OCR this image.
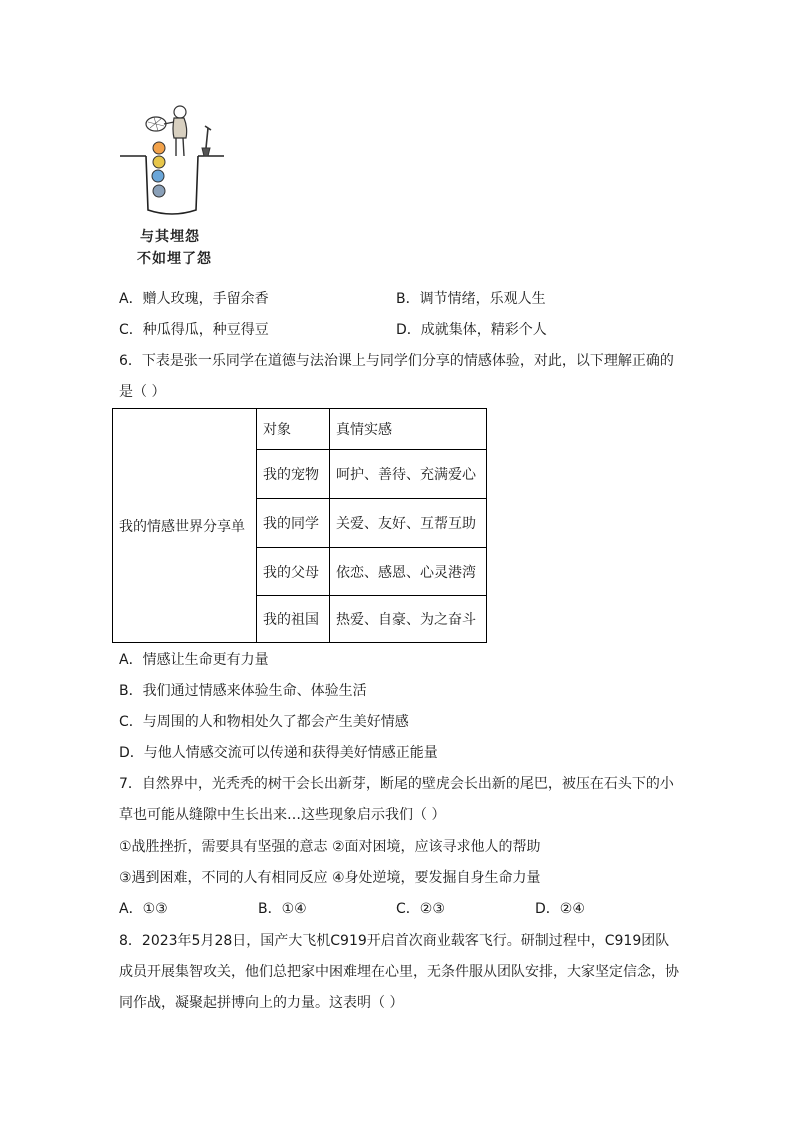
与其埋怨
不如埋了怨
A．赠人玫瑰，手留余香	B．调节情绪，乐观人生
C．种瓜得瓜，种豆得豆	D．成就集体，精彩个人
6．下表是张一乐同学在道德与法治课上与同学们分享的情感体验，对此，以下理解正确的
是（ ）
我的情感世界分享单	对象	真情实感
	我的宠物	呵护、善待、充满爱心
	我的同学	关爱、友好、互帮互助
	我的父母	依恋、感恩、心灵港湾
	我的祖国	热爱、自豪、为之奋斗
A．情感让生命更有力量
B．我们通过情感来体验生命、体验生活
C．与周围的人和物相处久了都会产生美好情感
D．与他人情感交流可以传递和获得美好情感正能量
7．自然界中，光秃秃的树干会长出新芽，断尾的壁虎会长出新的尾巴，被压在石头下的小
草也可能从缝隙中生长出来…这些现象启示我们（ ）
①战胜挫折，需要具有坚强的意志 ②面对困境，应该寻求他人的帮助
③遇到困难，不同的人有相同反应 ④身处逆境，要发掘自身生命力量
A．①③	B．①④	C．②③	D．②④
8．2023年5月28日，国产大飞机C919开启首次商业载客飞行。研制过程中，C919团队
成员开展集智攻关，他们总把家中困难埋在心里，无条件服从团队安排，大家坚定信念，协
同作战，凝聚起拼博向上的力量。这表明（ ）
